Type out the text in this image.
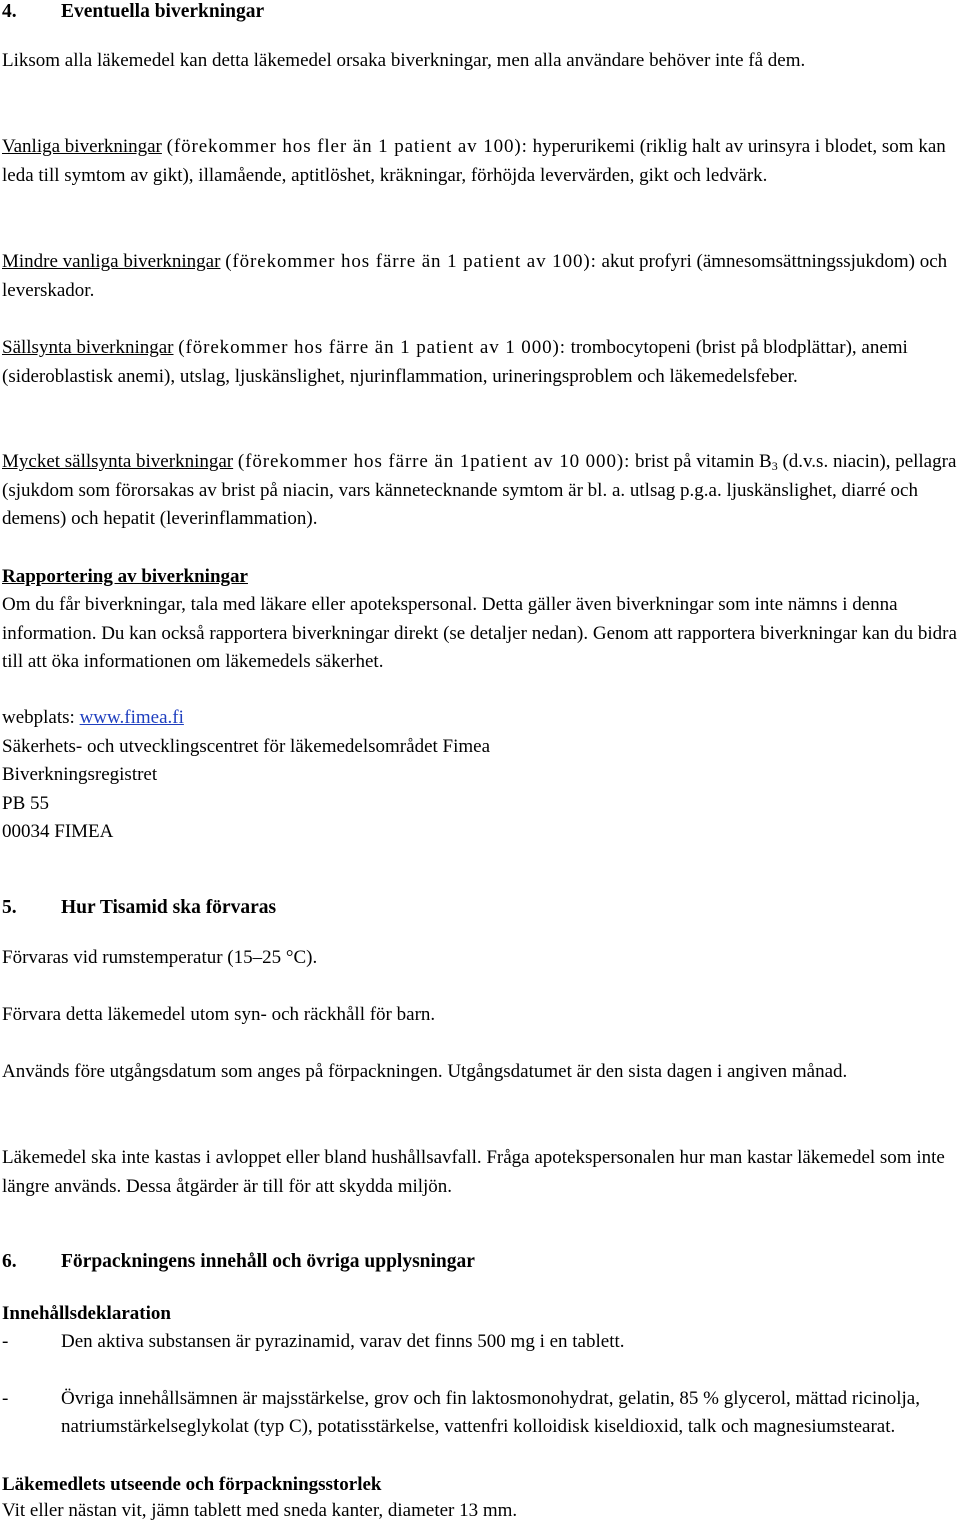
4. Eventuella biverkningar

Liksom alla läkemedel kan detta läkemedel orsaka biverkningar, men alla användare behöver inte få dem.

Vanliga biverkningar (förekommer hos fler än 1 patient av 100): hyperurikemi (riklig halt av urinsyra i blodet, som kan leda till symtom av gikt), illamående, aptitlöshet, kräkningar, förhöjda levervärden, gikt och ledvärk.

Mindre vanliga biverkningar (förekommer hos färre än 1 patient av 100): akut profyri (ämnesomsättningssjukdom) och leverskador.

Sällsynta biverkningar (förekommer hos färre än 1 patient av 1 000): trombocytopeni (brist på blodplättar), anemi (sideroblastisk anemi), utslag, ljuskänslighet, njurinflammation, urineringsproblem och läkemedelsfeber.

Mycket sällsynta biverkningar (förekommer hos färre än 1patient av 10 000): brist på vitamin $B_3$ (d.v.s. niacin), pellagra (sjukdom som förorsakas av brist på niacin, vars kännetecknande symtom är bl. a. utlsag p.g.a. ljuskänslighet, diarré och demens) och hepatit (leverinflammation).

Rapportering av biverkningar

Om du får biverkningar, tala med läkare eller apotekspersonal. Detta gäller även biverkningar som inte nämns i denna information. Du kan också rapportera biverkningar direkt (se detaljer nedan). Genom att rapportera biverkningar kan du bidra till att öka informationen om läkemedels säkerhet.

webplats: www.fimea.fi
Säkerhets- och utvecklingscentret för läkemedelsområdet Fimea
Biverkningsregistret
PB 55
00034 FIMEA
5. Hur Tisamid ska förvaras

Förvaras vid rumstemperatur (15–25 °C).

Förvara detta läkemedel utom syn- och räckhåll för barn.

Används före utgångsdatum som anges på förpackningen. Utgångsdatumet är den sista dagen i angiven månad.

Läkemedel ska inte kastas i avloppet eller bland hushållsavfall. Fråga apotekspersonalen hur man kastar läkemedel som inte längre används. Dessa åtgärder är till för att skydda miljön.

6. Förpackningens innehåll och övriga upplysningar
Innehållsdeklaration
-	Den aktiva substansen är pyrazinamid, varav det finns 500 mg i en tablett.
-	Övriga innehållsämnen är majsstärkelse, grov och fin laktosmonohydrat, gelatin, 85 % glycerol, mättad ricinolja, natriumstärkelseglykolat (typ C), potatisstärkelse, vattenfri kolloidisk kiseldioxid, talk och magnesiumstearat.
Läkemedlets utseende och förpackningsstorlek

Vit eller nästan vit, jämn tablett med sneda kanter, diameter 13 mm.
